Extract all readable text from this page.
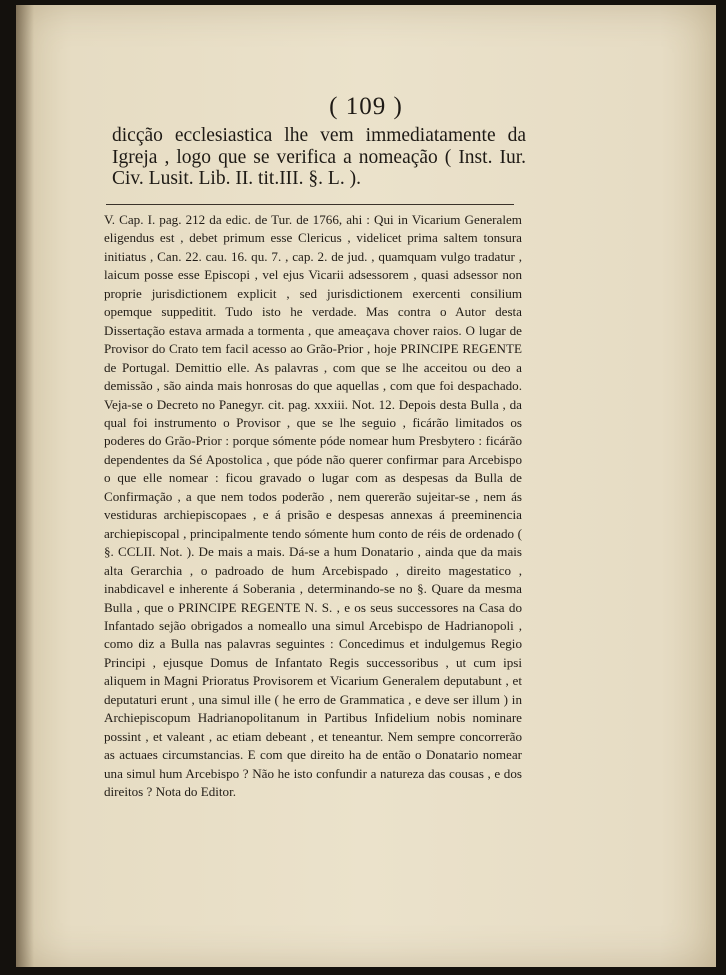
( 109 )

dicção ecclesiastica lhe vem immediatamente da Igreja , logo que se verifica a nomeação ( Inst. Iur. Civ. Lusit. Lib. II. tit.III. §. L. ).

V. Cap. I. pag. 212 da edic. de Tur. de 1766, ahi : Qui in Vicarium Generalem eligendus est , debet primum esse Clericus , videlicet prima saltem tonsura initiatus , Can. 22. cau. 16. qu. 7. , cap. 2. de jud. , quamquam vulgo tradatur , laicum posse esse Episcopi , vel ejus Vicarii adsessorem , quasi adsessor non proprie jurisdictionem explicit , sed jurisdictionem exercenti consilium opemque suppeditit. Tudo isto he verdade. Mas contra o Autor desta Dissertação estava armada a tormenta , que ameaçava chover raios. O lugar de Provisor do Crato tem facil acesso ao Grão-Prior , hoje PRINCIPE REGENTE de Portugal. Demittio elle. As palavras , com que se lhe acceitou ou deo a demissão , são ainda mais honrosas do que aquellas , com que foi despachado. Veja-se o Decreto no Panegyr. cit. pag. xxxiii. Not. 12. Depois desta Bulla , da qual foi instrumento o Provisor , que se lhe seguio , ficárão limitados os poderes do Grão-Prior : porque sómente póde nomear hum Presbytero : ficárão dependentes da Sé Apostolica , que póde não querer confirmar para Arcebispo o que elle nomear : ficou gravado o lugar com as despesas da Bulla de Confirmação , a que nem todos poderão , nem quererão sujeitar-se , nem ás vestiduras archiepiscopaes , e á prisão e despesas annexas á preeminencia archiepiscopal , principalmente tendo sómente hum conto de réis de ordenado ( §. CCLII. Not. ). De mais a mais. Dá-se a hum Donatario , ainda que da mais alta Gerarchia , o padroado de hum Arcebispado , direito magestatico , inabdicavel e inherente á Soberania , determinando-se no §. Quare da mesma Bulla , que o PRINCIPE REGENTE N. S. , e os seus successores na Casa do Infantado sejão obrigados a nomeallo una simul Arcebispo de Hadrianopoli , como diz a Bulla nas palavras seguintes : Concedimus et indulgemus Regio Principi , ejusque Domus de Infantato Regis successoribus , ut cum ipsi aliquem in Magni Prioratus Provisorem et Vicarium Generalem deputabunt , et deputaturi erunt , una simul ille ( he erro de Grammatica , e deve ser illum ) in Archiepiscopum Hadrianopolitanum in Partibus Infidelium nobis nominare possint , et valeant , ac etiam debeant , et teneantur. Nem sempre concorrerão as actuaes circumstancias. E com que direito ha de então o Donatario nomear una simul hum Arcebispo ? Não he isto confundir a natureza das cousas , e dos direitos ? Nota do Editor.
